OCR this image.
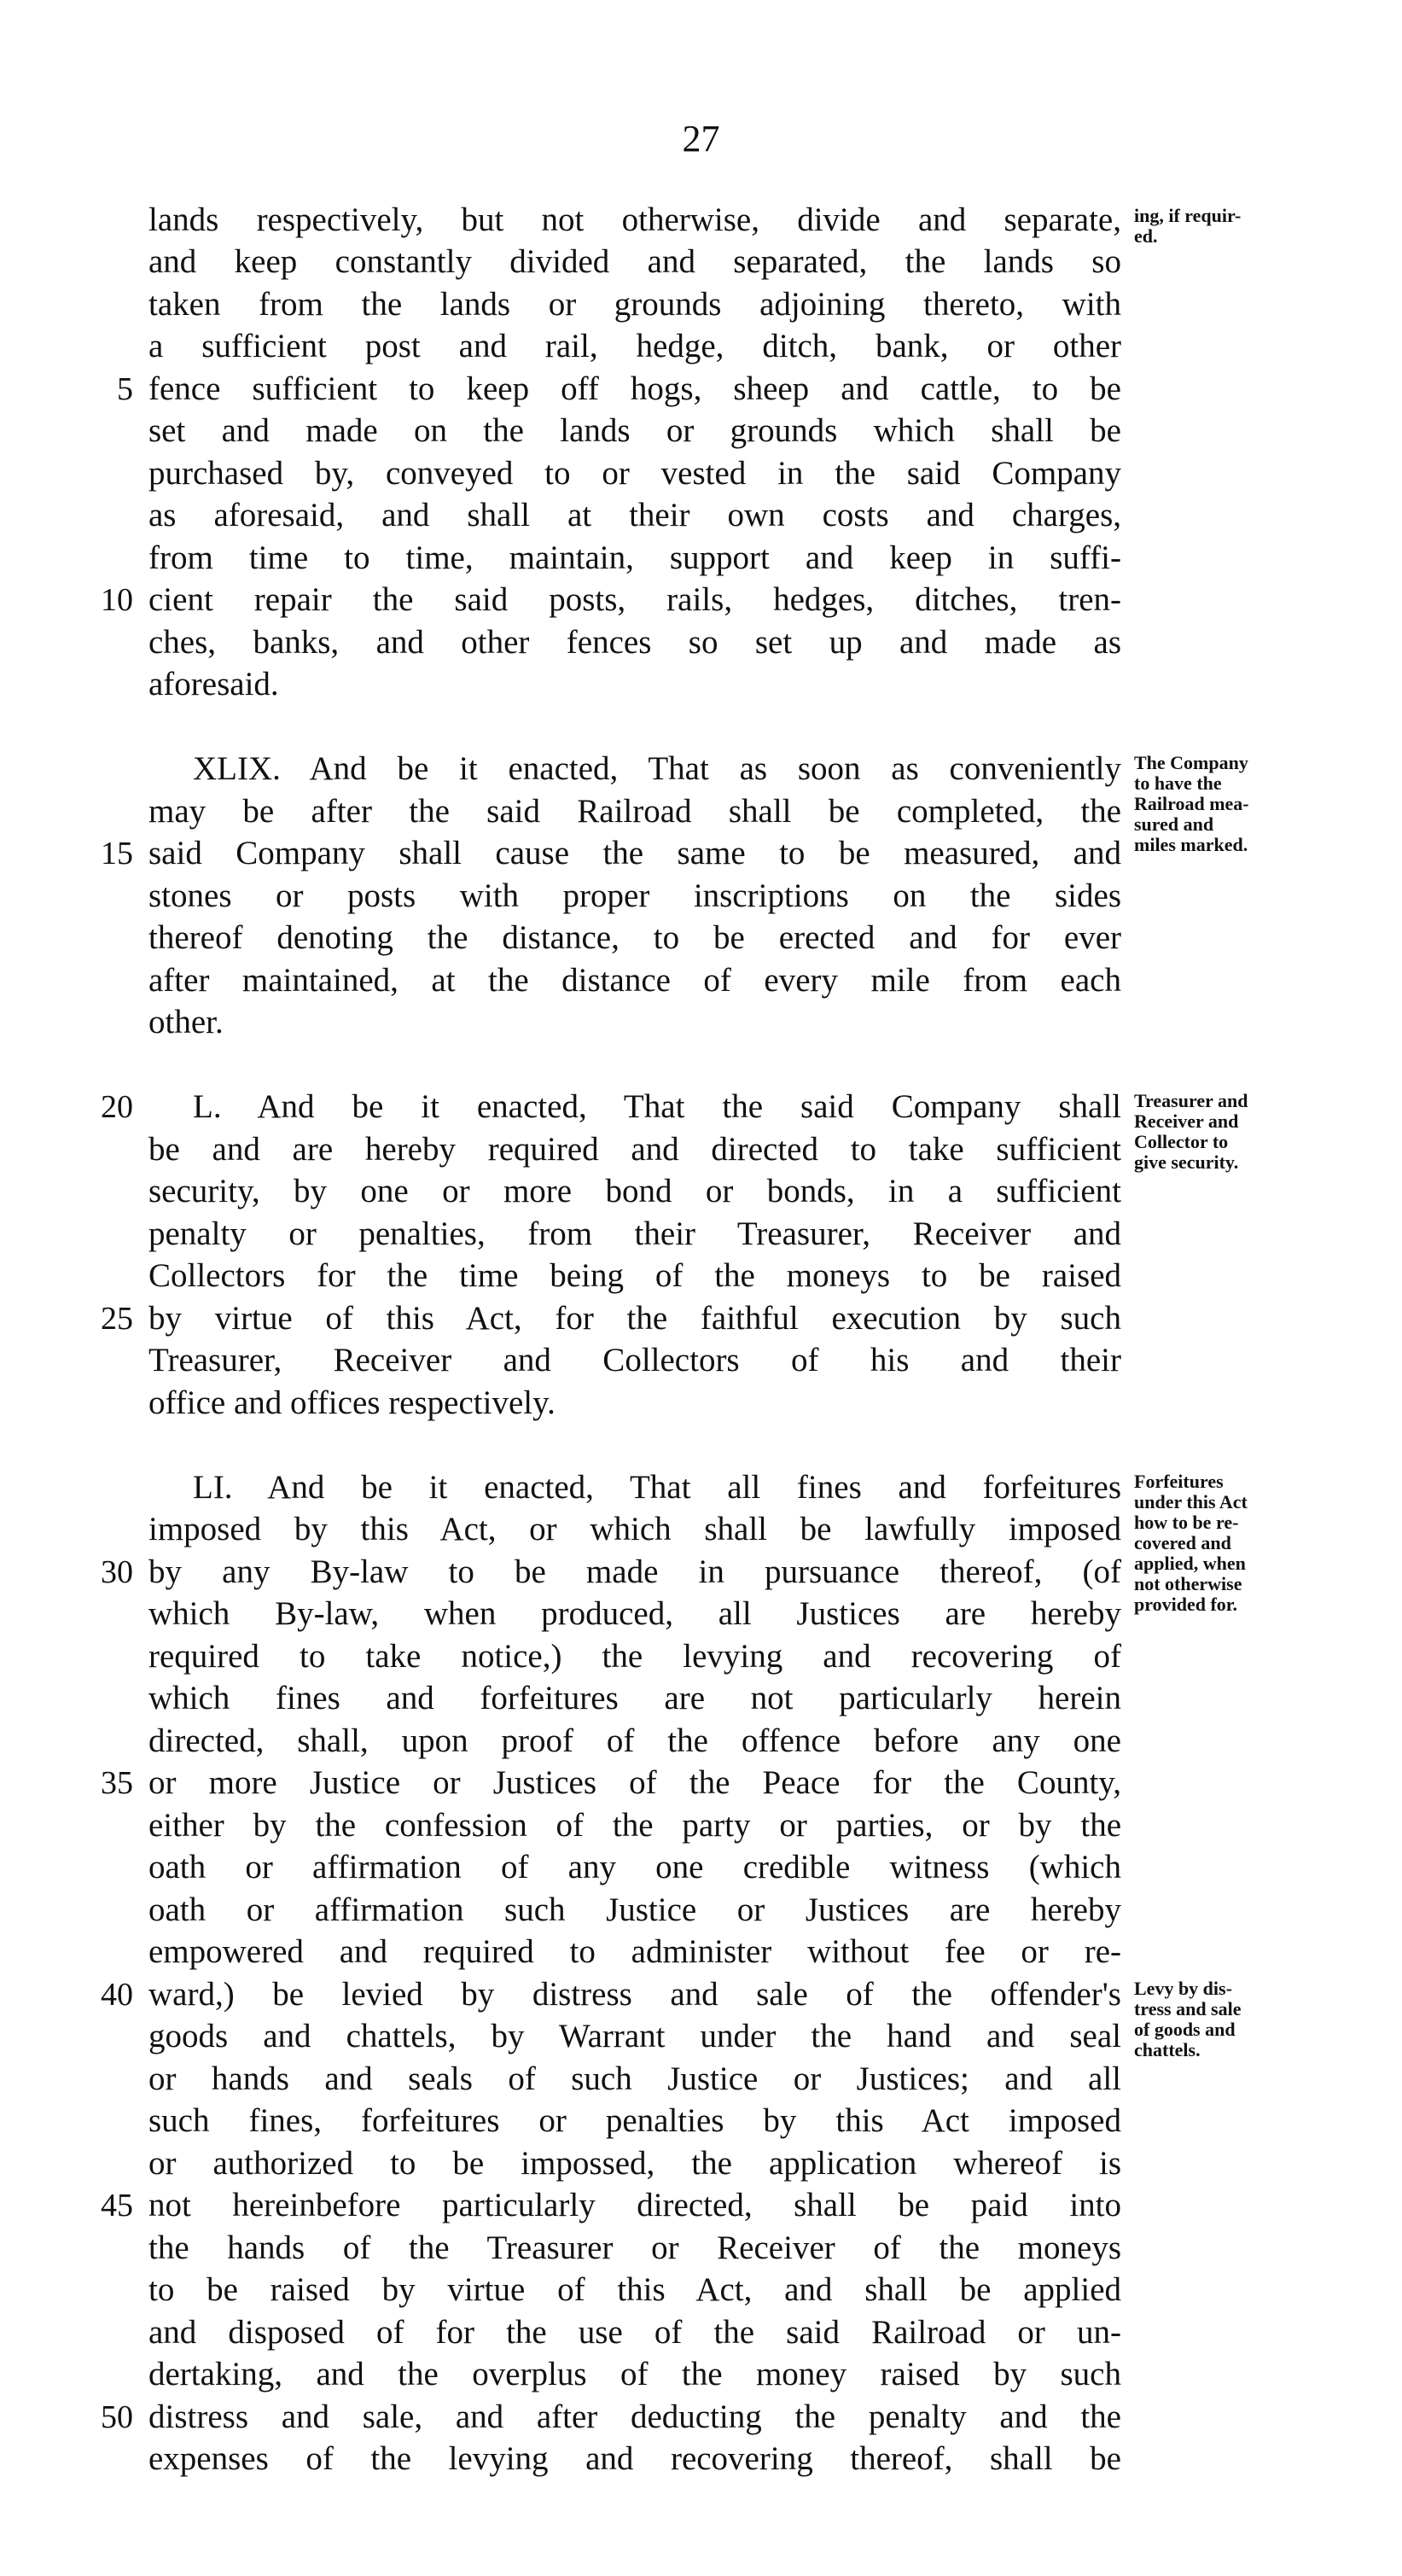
27
lands respectively, but not otherwise, divide and separate,
and keep constantly divided and separated, the lands so
taken from the lands or grounds adjoining thereto, with
a sufficient post and rail, hedge, ditch, bank, or other
fence sufficient to keep off hogs, sheep and cattle, to be
set and made on the lands or grounds which shall be
purchased by, conveyed to or vested in the said Company
as aforesaid, and shall at their own costs and charges,
from time to time, maintain, support and keep in suffi-
cient repair the said posts, rails, hedges, ditches, tren-
ches, banks, and other fences so set up and made as
aforesaid.
XLIX. And be it enacted, That as soon as conveniently
may be after the said Railroad shall be completed, the
said Company shall cause the same to be measured, and
stones or posts with proper inscriptions on the sides
thereof denoting the distance, to be erected and for ever
after maintained, at the distance of every mile from each
other.
L. And be it enacted, That the said Company shall
be and are hereby required and directed to take sufficient
security, by one or more bond or bonds, in a sufficient
penalty or penalties, from their Treasurer, Receiver and
Collectors for the time being of the moneys to be raised
by virtue of this Act, for the faithful execution by such
Treasurer, Receiver and Collectors of his and their
office and offices respectively.
LI. And be it enacted, That all fines and forfeitures
imposed by this Act, or which shall be lawfully imposed
by any By-law to be made in pursuance thereof, (of
which By-law, when produced, all Justices are hereby
required to take notice,) the levying and recovering of
which fines and forfeitures are not particularly herein
directed, shall, upon proof of the offence before any one
or more Justice or Justices of the Peace for the County,
either by the confession of the party or parties, or by the
oath or affirmation of any one credible witness (which
oath or affirmation such Justice or Justices are hereby
empowered and required to administer without fee or re-
ward,) be levied by distress and sale of the offender's
goods and chattels, by Warrant under the hand and seal
or hands and seals of such Justice or Justices; and all
such fines, forfeitures or penalties by this Act imposed
or authorized to be impossed, the application whereof is
not hereinbefore particularly directed, shall be paid into
the hands of the Treasurer or Receiver of the moneys
to be raised by virtue of this Act, and shall be applied
and disposed of for the use of the said Railroad or un-
dertaking, and the overplus of the money raised by such
distress and sale, and after deducting the penalty and the
expenses of the levying and recovering thereof, shall be
5
10
15
20
25
30
35
40
45
50
ing, if requir-
ed.
The Company
to have the
Railroad mea-
sured and
miles marked.
Treasurer and
Receiver and
Collector to
give security.
Forfeitures
under this Act
how to be re-
covered and
applied, when
not otherwise
provided for.
Levy by dis-
tress and sale
of goods and
chattels.
